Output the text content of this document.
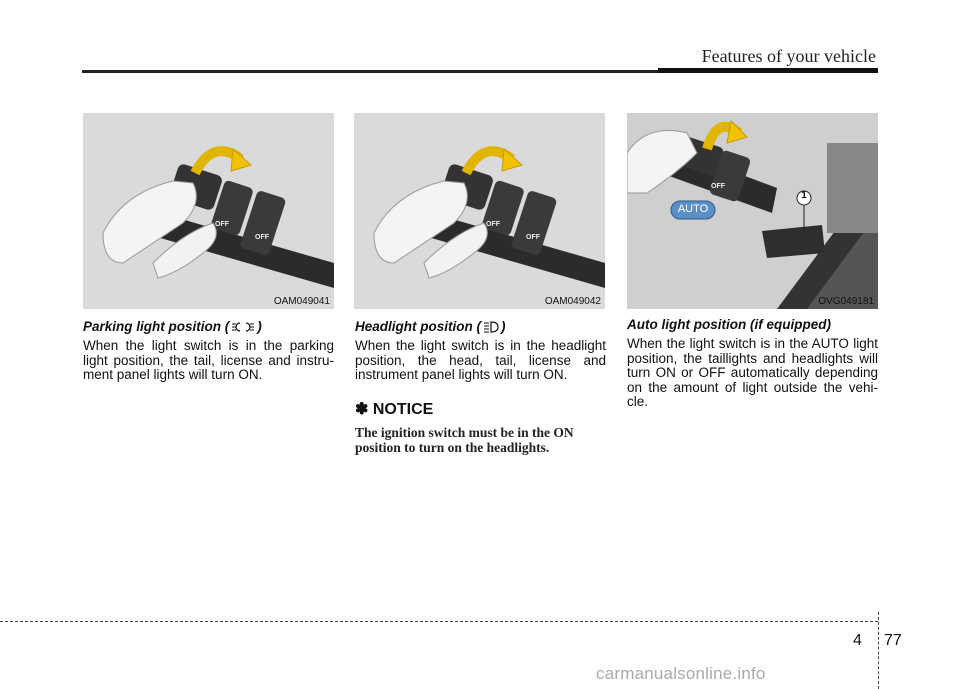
Features of your vehicle
OFF
OFF
OAM049041
OFF
OFF
OAM049042
OFF
AUTO
1
OVG049181

Parking light position ( )

When the light switch is in the parking light position, the tail, license and instru-ment panel lights will turn ON.

Headlight position ( )

When the light switch is in the headlight position, the head, tail, license and instrument panel lights will turn ON.

✽ NOTICE

The ignition switch must be in the ON position to turn on the headlights.

Auto light position (if equipped)

When the light switch is in the AUTO light position, the taillights and headlights will turn ON or OFF automatically depending on the amount of light outside the vehi-cle.

4 77
carmanualsonline.info
